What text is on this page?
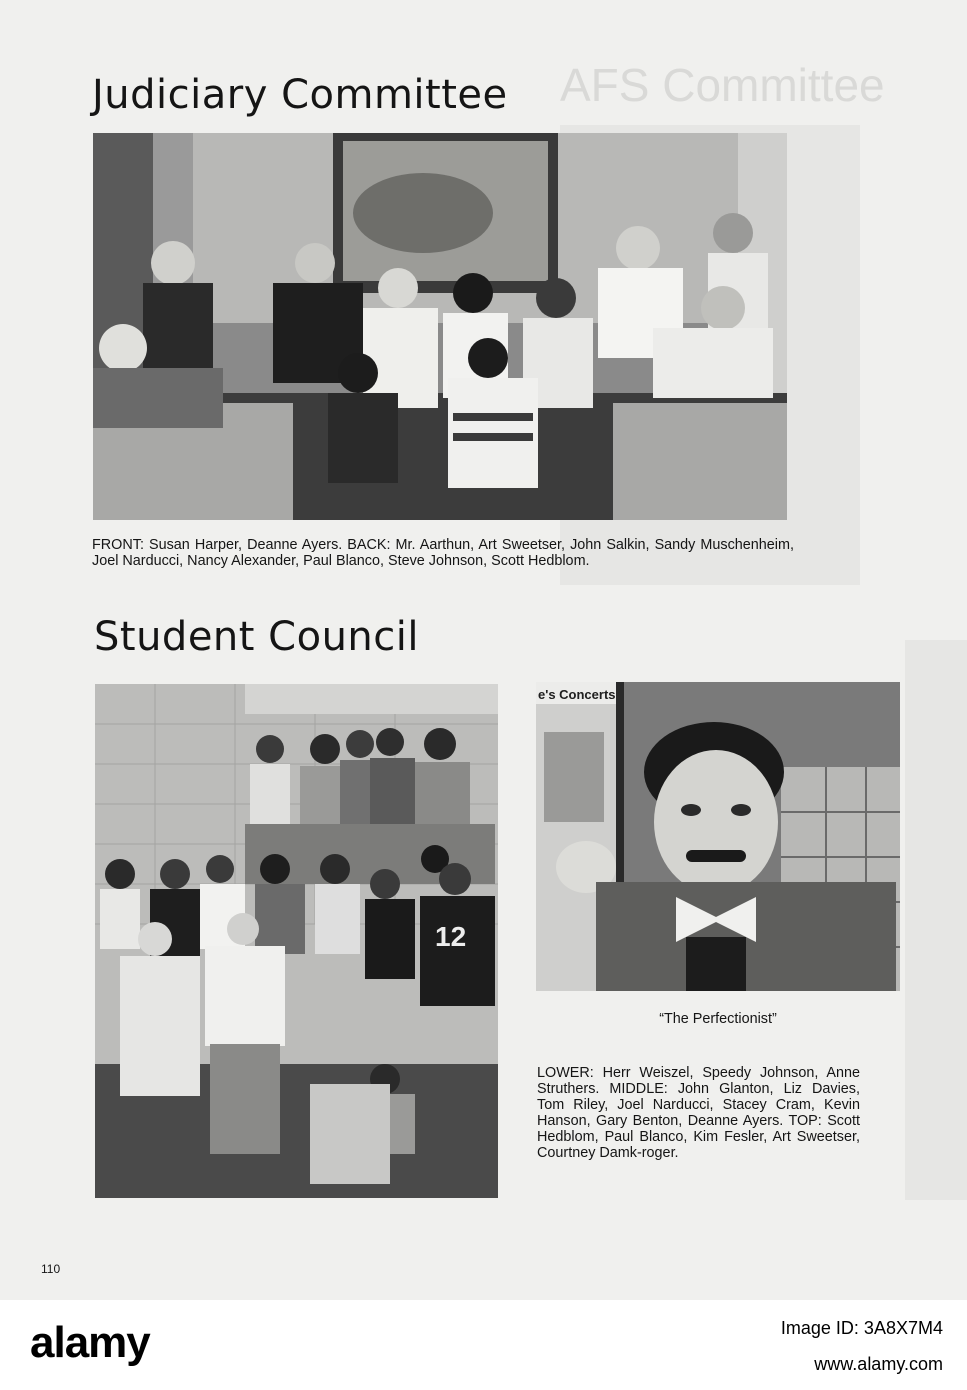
AFS Committee
Judiciary Committee
FRONT: Susan Harper, Deanne Ayers. BACK: Mr. Aarthun, Art Sweetser, John Salkin, Sandy Muschenheim, Joel Narducci, Nancy Alexander, Paul Blanco, Steve Johnson, Scott Hedblom.
Student Council
12
e's Concerts
“The Perfectionist”
LOWER: Herr Weiszel, Speedy Johnson, Anne Struthers. MIDDLE: John Glanton, Liz Davies, Tom Riley, Joel Narducci, Stacey Cram, Kevin Hanson, Gary Benton, Deanne Ayers. TOP: Scott Hedblom, Paul Blanco, Kim Fesler, Art Sweetser, Courtney Damk-roger.
110
alamy	Image ID: 3A8X7M4
www.alamy.com
